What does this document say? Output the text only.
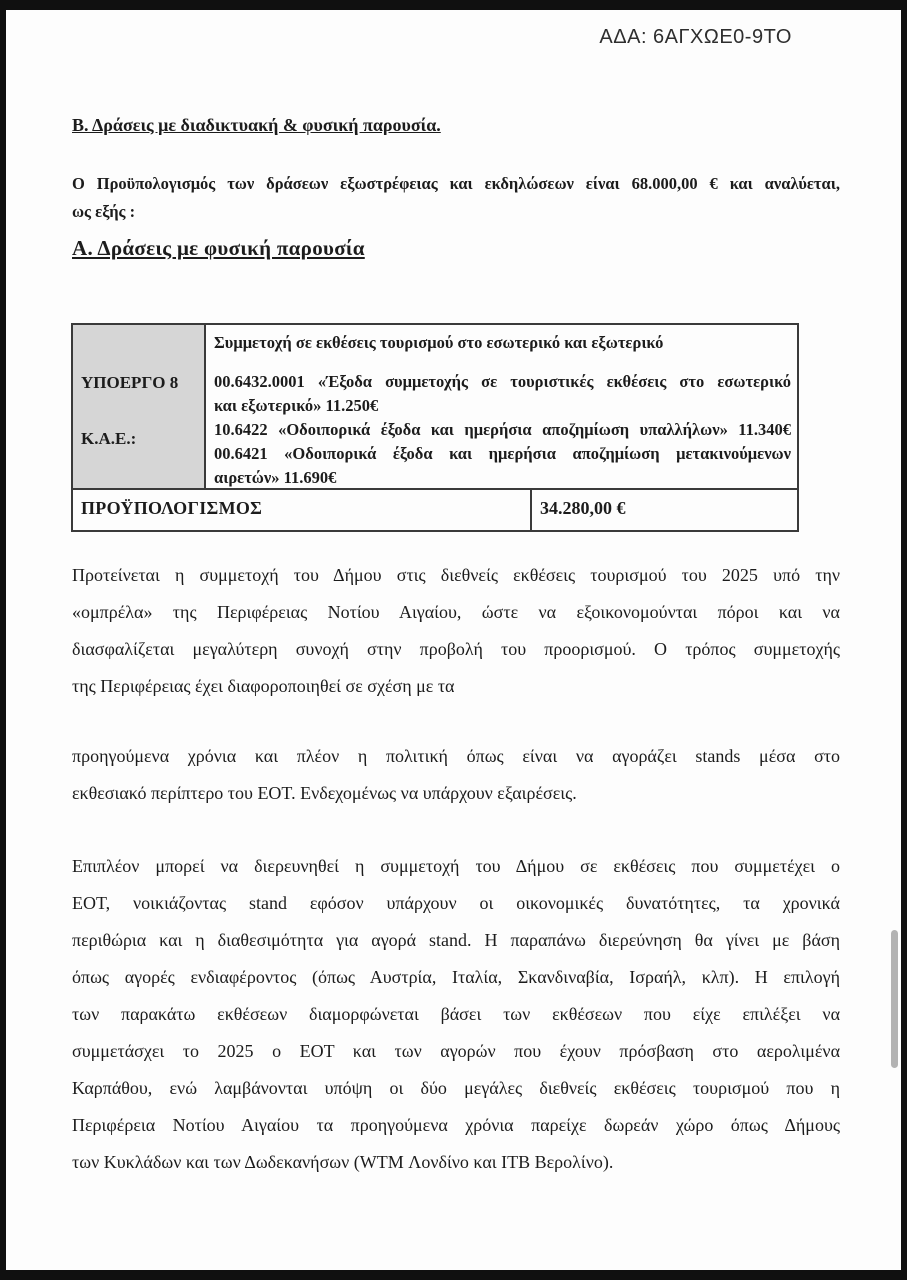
ΑΔΑ: 6ΑΓΧΩΕ0-9ΤΟ
Β. Δράσεις με διαδικτυακή & φυσική παρουσία.
Ο Προϋπολογισμός των δράσεων εξωστρέφειας και εκδηλώσεων είναι 68.000,00 € και αναλύεται,
ως εξής :
Α. Δράσεις με φυσική παρουσία
ΥΠΟΕΡΓΟ 8
Κ.Α.Ε.:
Συμμετοχή σε εκθέσεις τουρισμού στο εσωτερικό και εξωτερικό
00.6432.0001 «Έξοδα συμμετοχής σε τουριστικές εκθέσεις στο εσωτερικό
και εξωτερικό» 11.250€
10.6422 «Οδοιπορικά έξοδα και ημερήσια αποζημίωση υπαλλήλων» 11.340€
00.6421 «Οδοιπορικά έξοδα και ημερήσια αποζημίωση μετακινούμενων
αιρετών» 11.690€
ΠΡΟΫΠΟΛΟΓΙΣΜΟΣ	34.280,00 €
Προτείνεται η συμμετοχή του Δήμου στις διεθνείς εκθέσεις τουρισμού του 2025 υπό την
«ομπρέλα» της Περιφέρειας Νοτίου Αιγαίου, ώστε να εξοικονομούνται πόροι και να
διασφαλίζεται μεγαλύτερη συνοχή στην προβολή του προορισμού. Ο τρόπος συμμετοχής
της Περιφέρειας έχει διαφοροποιηθεί σε σχέση με τα
προηγούμενα χρόνια και πλέον η πολιτική όπως είναι να αγοράζει stands μέσα στο
εκθεσιακό περίπτερο του ΕΟΤ. Ενδεχομένως να υπάρχουν εξαιρέσεις.
Επιπλέον μπορεί να διερευνηθεί η συμμετοχή του Δήμου σε εκθέσεις που συμμετέχει ο
ΕΟΤ, νοικιάζοντας stand εφόσον υπάρχουν οι οικονομικές δυνατότητες, τα χρονικά
περιθώρια και η διαθεσιμότητα για αγορά stand. Η παραπάνω διερεύνηση θα γίνει με βάση
όπως αγορές ενδιαφέροντος (όπως Αυστρία, Ιταλία, Σκανδιναβία, Ισραήλ, κλπ). Η επιλογή
των παρακάτω εκθέσεων διαμορφώνεται βάσει των εκθέσεων που είχε επιλέξει να
συμμετάσχει το 2025 ο ΕΟΤ και των αγορών που έχουν πρόσβαση στο αερολιμένα
Καρπάθου, ενώ λαμβάνονται υπόψη οι δύο μεγάλες διεθνείς εκθέσεις τουρισμού που η
Περιφέρεια Νοτίου Αιγαίου τα προηγούμενα χρόνια παρείχε δωρεάν χώρο όπως Δήμους
των Κυκλάδων και των Δωδεκανήσων (WTM Λονδίνο και ITB Βερολίνο).
